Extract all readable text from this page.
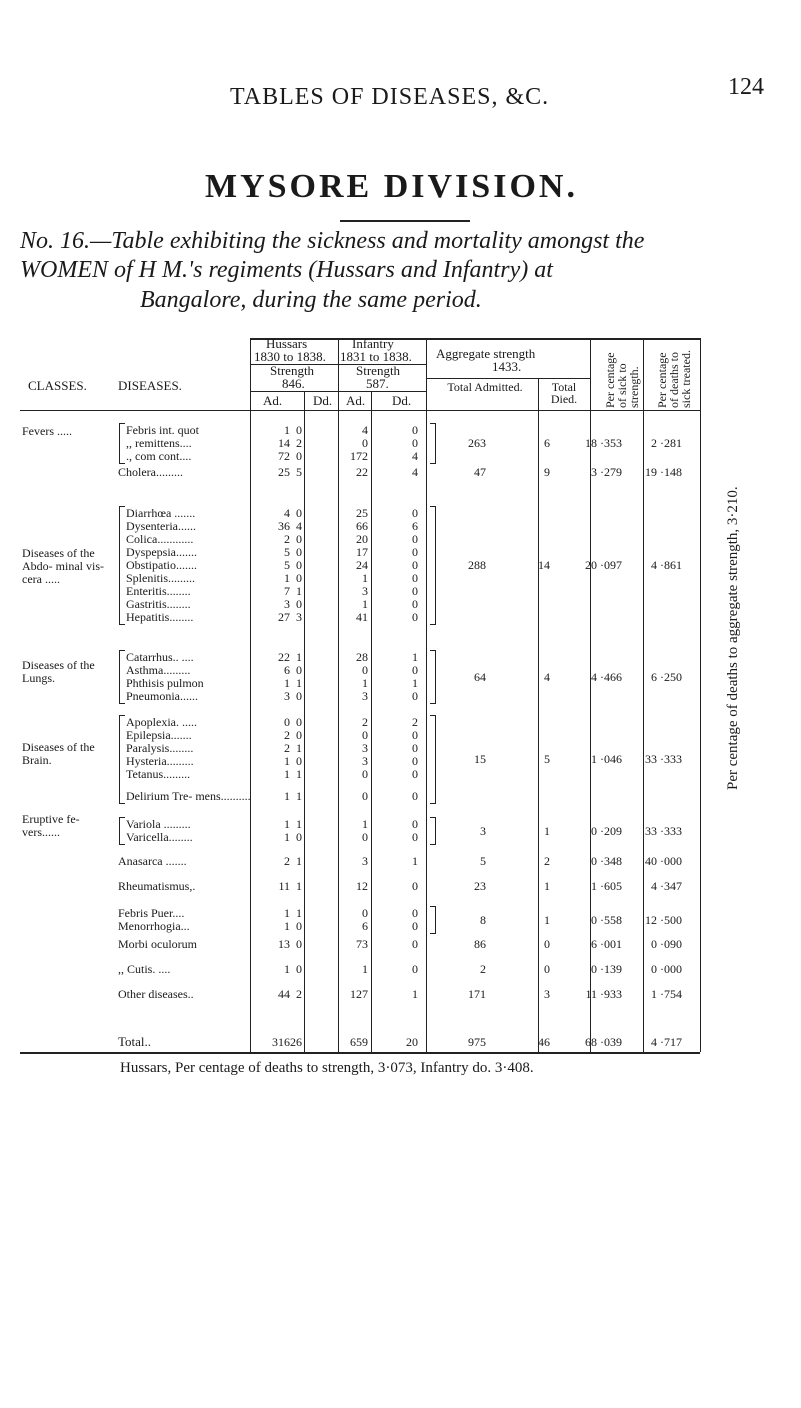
TABLES OF DISEASES, &C.	124
MYSORE DIVISION.
No. 16.—Table exhibiting the sickness and mortality amongst the
WOMEN of H M.'s regiments (Hussars and Infantry) at
Bangalore, during the same period.
CLASSES. DISEASES.
Hussars
1830 to 1838.
Strength
846.
Infantry
1831 to 1838.
Strength
587.
Ad. Dd. Ad. Dd.
Aggregate strength
1433.
Total Admitted.	Total Died.	Per centage of sick to strength. Per centage of deaths to sick treated.
Febris int. quot	1 0	4	0
,, remittens....	14 2	0	0
., com cont....	72 0	172	4
Fevers .....
263	6	18 ·353	2 ·281
Cholera.........	25 5	22	4	47	9	3 ·279	19 ·148
Diarrhœa .......	4 0	25	0
Dysenteria......	36 4	66	6
Colica............	2 0	20	0
Dyspepsia.......	5 0	17	0
Obstipatio.......	5 0	24	0
Splenitis.........	1 0	1	0
Enteritis........	7 1	3	0
Gastritis........	3 0	1	0
Hepatitis........	27 3	41	0
Diseases of the Abdo- minal vis- cera .....
288	14	20 ·097	4 ·861
Catarrhus.. ....	22 1	28	1
Asthma.........	6 0	0	0
Phthisis pulmon	1 1	1	1
Pneumonia......	3 0	3	0
Diseases of the Lungs.	64	4	4 ·466	6 ·250
Apoplexia. .....	0 0	2	2
Epilepsia.......	2 0	0	0
Paralysis........	2 1	3	0
Hysteria.........	1 0	3	0
Tetanus.........	1 1	0	0
Delirium Tre- mens..........	1 1	0	0
Diseases of the Brain.	15	5	1 ·046	33 ·333
Variola .........	1 1	1	0
Varicella........	1 0	0	0
Eruptive fe- vers......	3	1	0 ·209	33 ·333
Anasarca .......	2 1	3	1	5	2	0 ·348	40 ·000
Rheumatismus,.	11 1	12	0	23	1	1 ·605	4 ·347
Febris Puer....	1 1	0	0
Menorrhogia...	1 0	6	0	8	1	0 ·558	12 ·500
Morbi oculorum	13 0	73	0	86	0	6 ·001	0 ·090
,, Cutis. ....	1 0	1	0	2	0	0 ·139	0 ·000
Other diseases..	44 2	127	1	171	3	11 ·933	1 ·754
Total..	316 26	659	20	975	46	68 ·039	4 ·717
Per centage of deaths to aggregate strength, 3·210.
Hussars, Per centage of deaths to strength, 3·073, Infantry do. 3·408.
